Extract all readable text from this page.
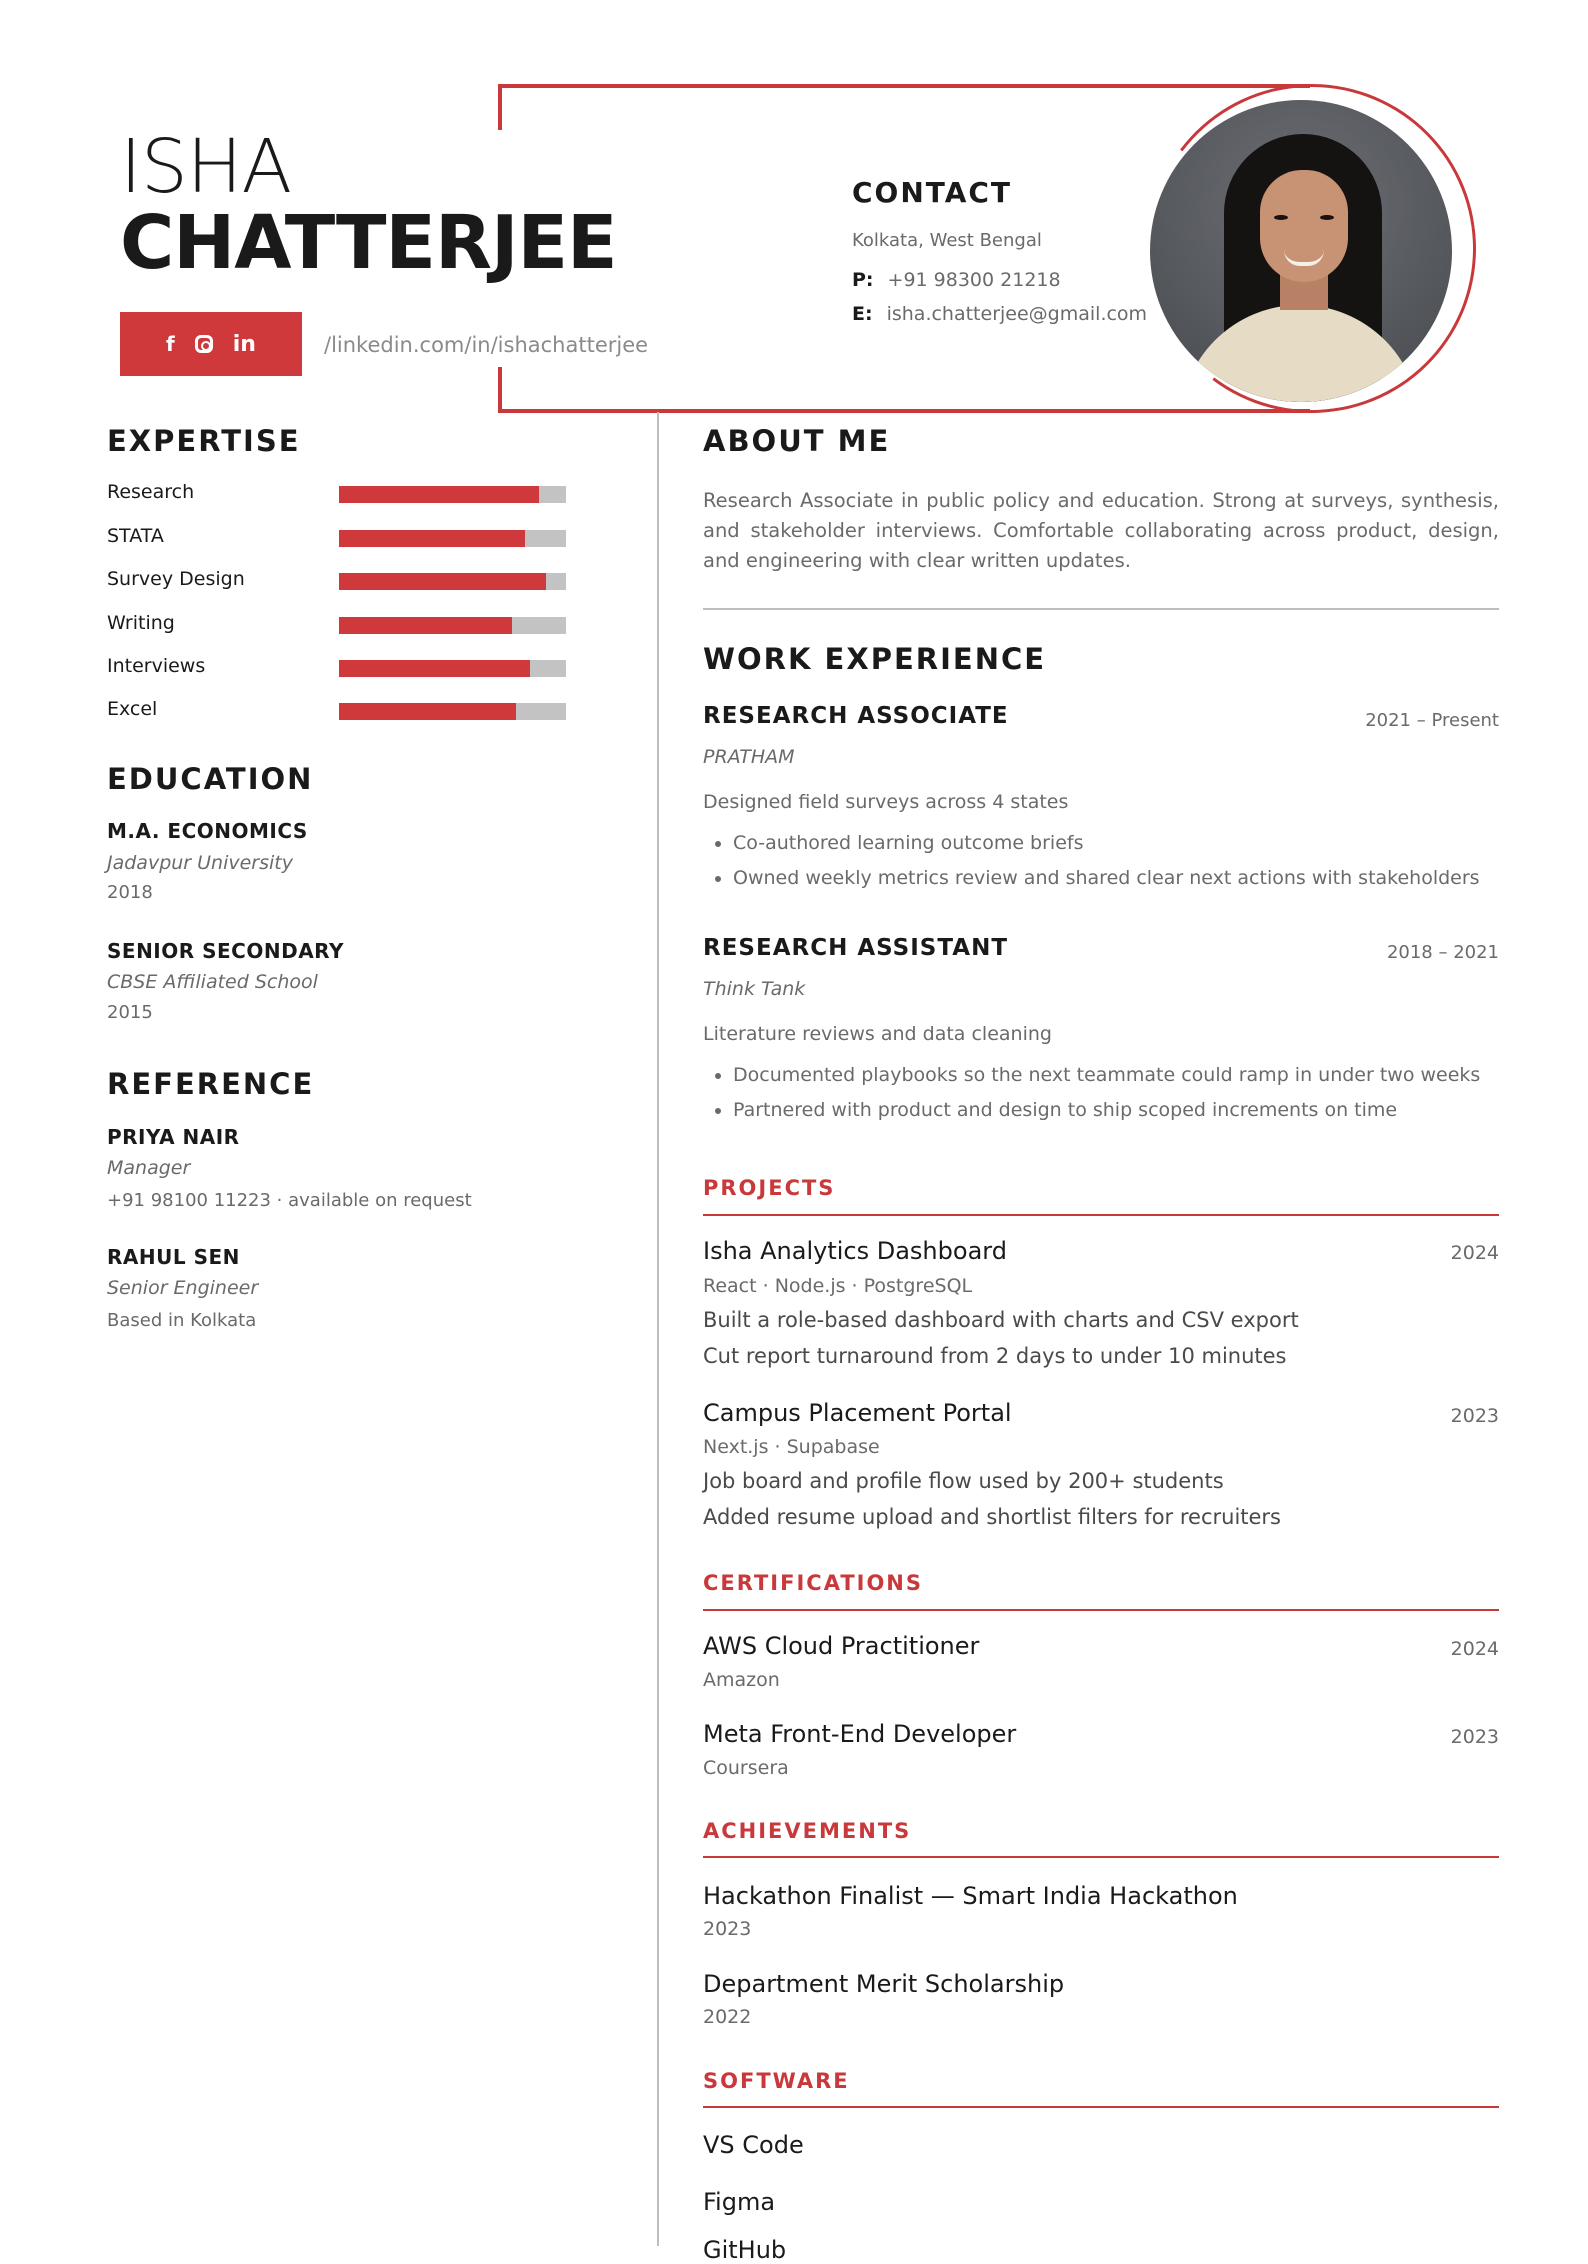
ISHA
CHATTERJEE
f	in	/linkedin.com/in/ishachatterjee
CONTACT
Kolkata, West Bengal
P: +91 98300 21218
E: isha.chatterjee@gmail.com
EXPERTISE
Research
STATA
Survey Design
Writing
Interviews
Excel
EDUCATION
M.A. ECONOMICS
Jadavpur University
2018
SENIOR SECONDARY
CBSE Affiliated School
2015
REFERENCE
PRIYA NAIR
Manager
+91 98100 11223 · available on request
RAHUL SEN
Senior Engineer
Based in Kolkata
ABOUT ME
Research Associate in public policy and education. Strong at surveys, synthesis, and stakeholder interviews. Comfortable collaborating across product, design, and engineering with clear written updates.
WORK EXPERIENCE
RESEARCH ASSOCIATE	2021 – Present
PRATHAM
Designed field surveys across 4 states
• Co-authored learning outcome briefs
• Owned weekly metrics review and shared clear next actions with stakeholders
RESEARCH ASSISTANT	2018 – 2021
Think Tank
Literature reviews and data cleaning
• Documented playbooks so the next teammate could ramp in under two weeks
• Partnered with product and design to ship scoped increments on time
PROJECTS
Isha Analytics Dashboard	2024
React · Node.js · PostgreSQL
Built a role-based dashboard with charts and CSV export
Cut report turnaround from 2 days to under 10 minutes
Campus Placement Portal	2023
Next.js · Supabase
Job board and profile flow used by 200+ students
Added resume upload and shortlist filters for recruiters
CERTIFICATIONS
AWS Cloud Practitioner	2024
Amazon
Meta Front-End Developer	2023
Coursera
ACHIEVEMENTS
Hackathon Finalist — Smart India Hackathon
2023
Department Merit Scholarship
2022
SOFTWARE
VS Code
Figma
GitHub
